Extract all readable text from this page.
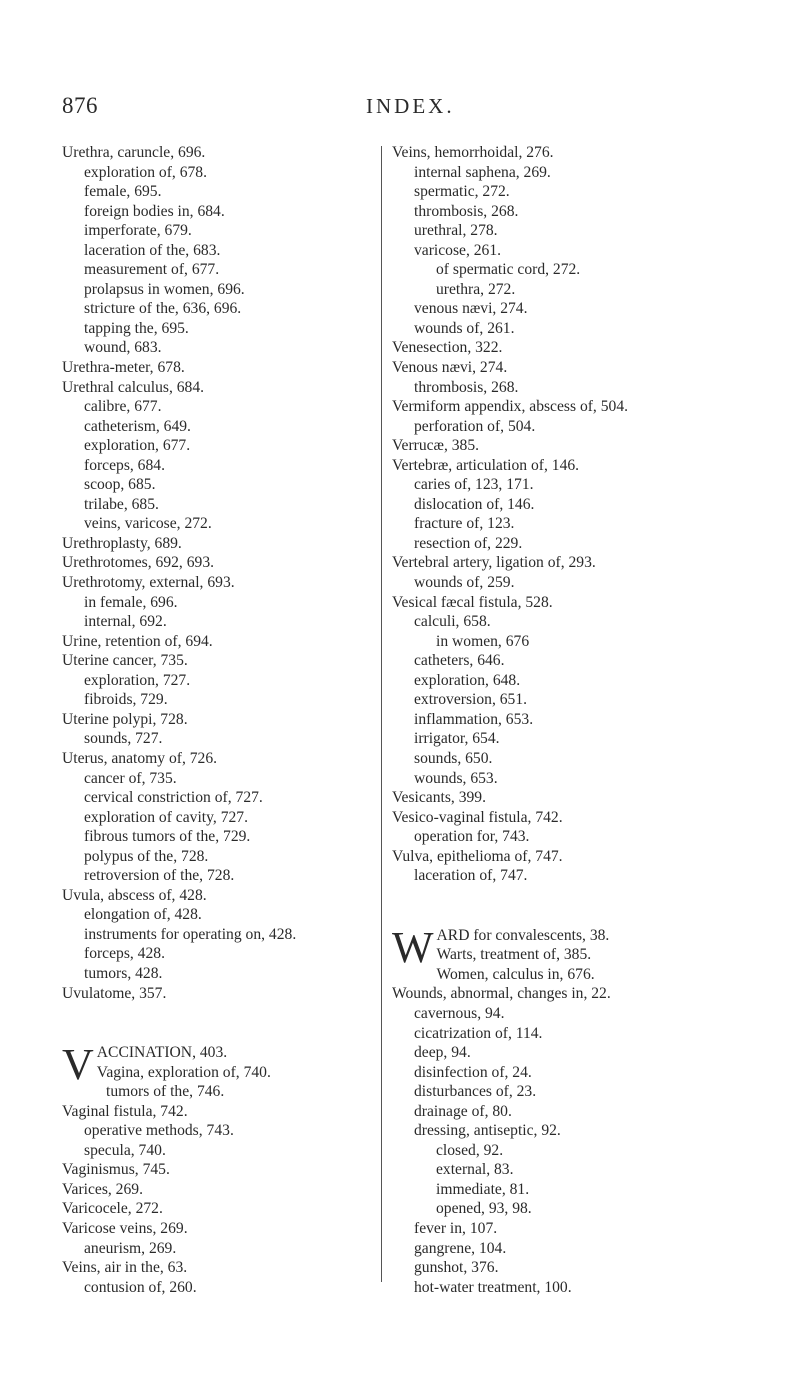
876	INDEX.
Urethra, caruncle, 696.
exploration of, 678.
female, 695.
foreign bodies in, 684.
imperforate, 679.
laceration of the, 683.
measurement of, 677.
prolapsus in women, 696.
stricture of the, 636, 696.
tapping the, 695.
wound, 683.
Urethra-meter, 678.
Urethral calculus, 684.
calibre, 677.
catheterism, 649.
exploration, 677.
forceps, 684.
scoop, 685.
trilabe, 685.
veins, varicose, 272.
Urethroplasty, 689.
Urethrotomes, 692, 693.
Urethrotomy, external, 693.
in female, 696.
internal, 692.
Urine, retention of, 694.
Uterine cancer, 735.
exploration, 727.
fibroids, 729.
Uterine polypi, 728.
sounds, 727.
Uterus, anatomy of, 726.
cancer of, 735.
cervical constriction of, 727.
exploration of cavity, 727.
fibrous tumors of the, 729.
polypus of the, 728.
retroversion of the, 728.
Uvula, abscess of, 428.
elongation of, 428.
instruments for operating on, 428.
forceps, 428.
tumors, 428.
Uvulatome, 357.
VACCINATION, 403.
Vagina, exploration of, 740.
tumors of the, 746.
Vaginal fistula, 742.
operative methods, 743.
specula, 740.
Vaginismus, 745.
Varices, 269.
Varicocele, 272.
Varicose veins, 269.
aneurism, 269.
Veins, air in the, 63.
contusion of, 260.
Veins, hemorrhoidal, 276.
internal saphena, 269.
spermatic, 272.
thrombosis, 268.
urethral, 278.
varicose, 261.
of spermatic cord, 272.
urethra, 272.
venous nævi, 274.
wounds of, 261.
Venesection, 322.
Venous nævi, 274.
thrombosis, 268.
Vermiform appendix, abscess of, 504.
perforation of, 504.
Verrucæ, 385.
Vertebræ, articulation of, 146.
caries of, 123, 171.
dislocation of, 146.
fracture of, 123.
resection of, 229.
Vertebral artery, ligation of, 293.
wounds of, 259.
Vesical fæcal fistula, 528.
calculi, 658.
in women, 676
catheters, 646.
exploration, 648.
extroversion, 651.
inflammation, 653.
irrigator, 654.
sounds, 650.
wounds, 653.
Vesicants, 399.
Vesico-vaginal fistula, 742.
operation for, 743.
Vulva, epithelioma of, 747.
laceration of, 747.
WARD for convalescents, 38.
Warts, treatment of, 385.
Women, calculus in, 676.
Wounds, abnormal, changes in, 22.
cavernous, 94.
cicatrization of, 114.
deep, 94.
disinfection of, 24.
disturbances of, 23.
drainage of, 80.
dressing, antiseptic, 92.
closed, 92.
external, 83.
immediate, 81.
opened, 93, 98.
fever in, 107.
gangrene, 104.
gunshot, 376.
hot-water treatment, 100.
